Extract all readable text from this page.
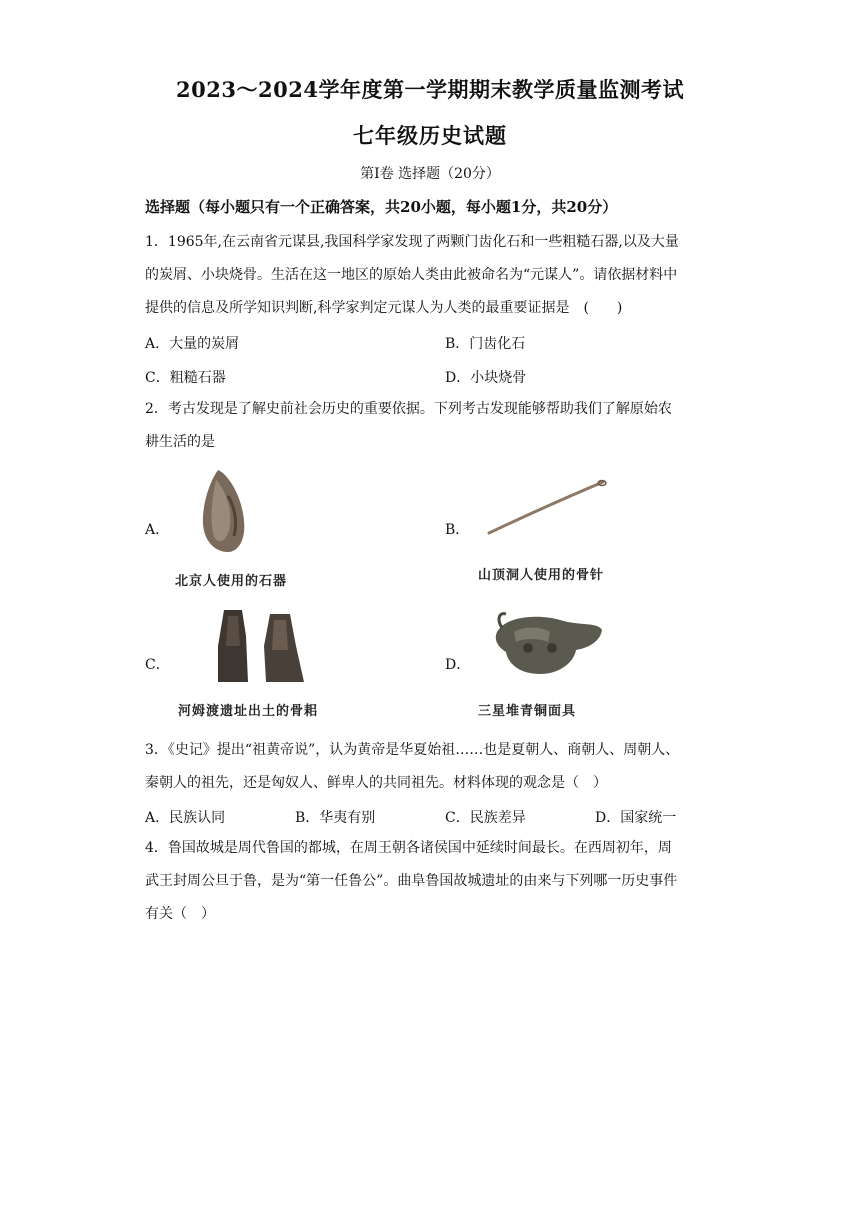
2023～2024学年度第一学期期末教学质量监测考试
七年级历史试题
第Ⅰ卷 选择题（20分）
选择题（每小题只有一个正确答案，共20小题，每小题1分，共20分）
1．1965年,在云南省元谋县,我国科学家发现了两颗门齿化石和一些粗糙石器,以及大量
的炭屑、小块烧骨。生活在这一地区的原始人类由此被命名为“元谋人”。请依据材料中
提供的信息及所学知识判断,科学家判定元谋人为人类的最重要证据是　(　　)
A．大量的炭屑	B．门齿化石
C．粗糙石器	D．小块烧骨
2．考古发现是了解史前社会历史的重要依据。下列考古发现能够帮助我们了解原始农
耕生活的是
A．
北京人使用的石器
B．
山顶洞人使用的骨针
C．
河姆渡遗址出土的骨耜
D．
三星堆青铜面具
3．《史记》提出“祖黄帝说”，认为黄帝是华夏始祖……也是夏朝人、商朝人、周朝人、
秦朝人的祖先，还是匈奴人、鲜卑人的共同祖先。材料体现的观念是（　）
A．民族认同	B．华夷有别	C．民族差异	D．国家统一
4．鲁国故城是周代鲁国的都城，在周王朝各诸侯国中延续时间最长。在西周初年，周
武王封周公旦于鲁，是为“第一任鲁公”。曲阜鲁国故城遗址的由来与下列哪一历史事件
有关（　）
